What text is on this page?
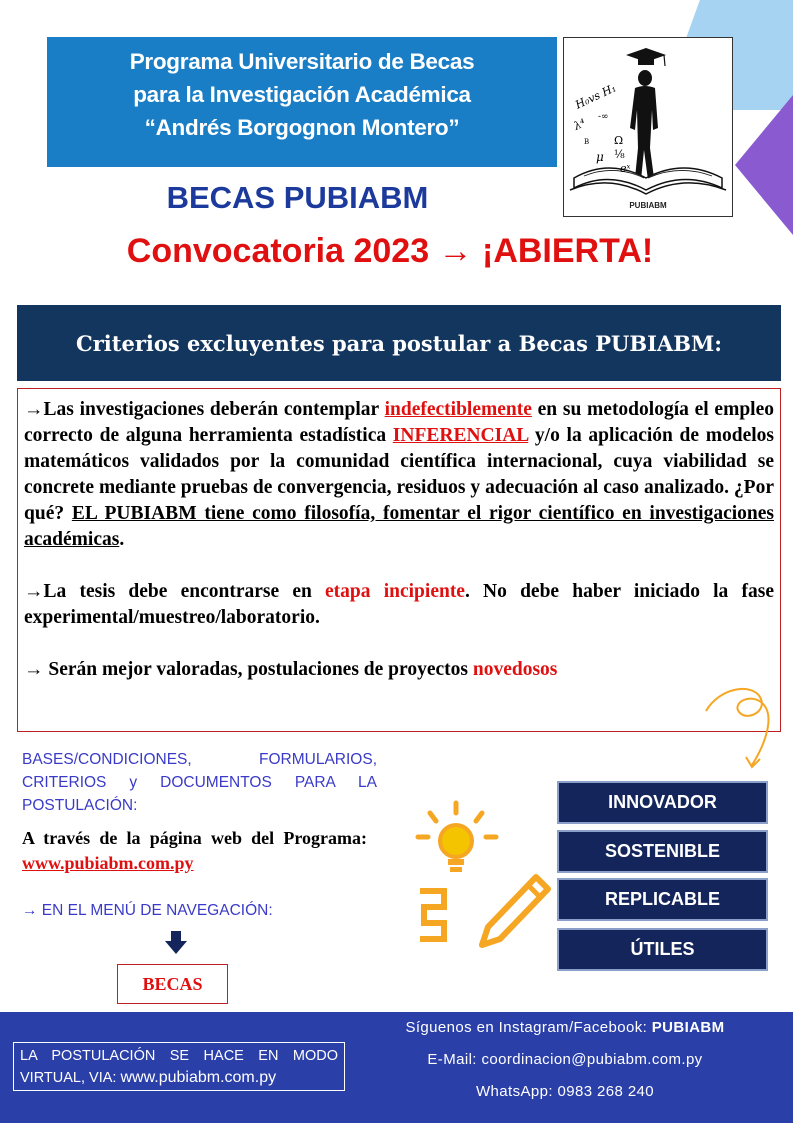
Programa Universitario de Becas
para la Investigación Académica
“Andrés Borgognon Montero”
H₀vs H₁
λ⁴ -∞
Ω
B
μ ⅛
eˣ
PUBIABM
BECAS PUBIABM
Convocatoria 2023 → ¡ABIERTA!
Criterios excluyentes para postular a Becas PUBIABM:

→Las investigaciones deberán contemplar indefectiblemente en su metodología el empleo correcto de alguna herramienta estadística INFERENCIAL y/o la aplicación de modelos matemáticos validados por la comunidad científica internacional, cuya viabilidad se concrete mediante pruebas de convergencia, residuos y adecuación al caso analizado. ¿Por qué? EL PUBIABM tiene como filosofía, fomentar el rigor científico en investigaciones académicas.

→La tesis debe encontrarse en etapa incipiente. No debe haber iniciado la fase experimental/muestreo/laboratorio.

→ Serán mejor valoradas, postulaciones de proyectos novedosos

BASES/CONDICIONES, FORMULARIOS, CRITERIOS y DOCUMENTOS PARA LA POSTULACIÓN:
A través de la página web del Programa: www.pubiabm.com.py
→ EN EL MENÚ DE NAVEGACIÓN:
BECAS
INNOVADOR
SOSTENIBLE
REPLICABLE
ÚTILES
LA POSTULACIÓN SE HACE EN MODO VIRTUAL, VIA: www.pubiabm.com.py
Síguenos en Instagram/Facebook: PUBIABM
E-Mail: coordinacion@pubiabm.com.py
WhatsApp: 0983 268 240
